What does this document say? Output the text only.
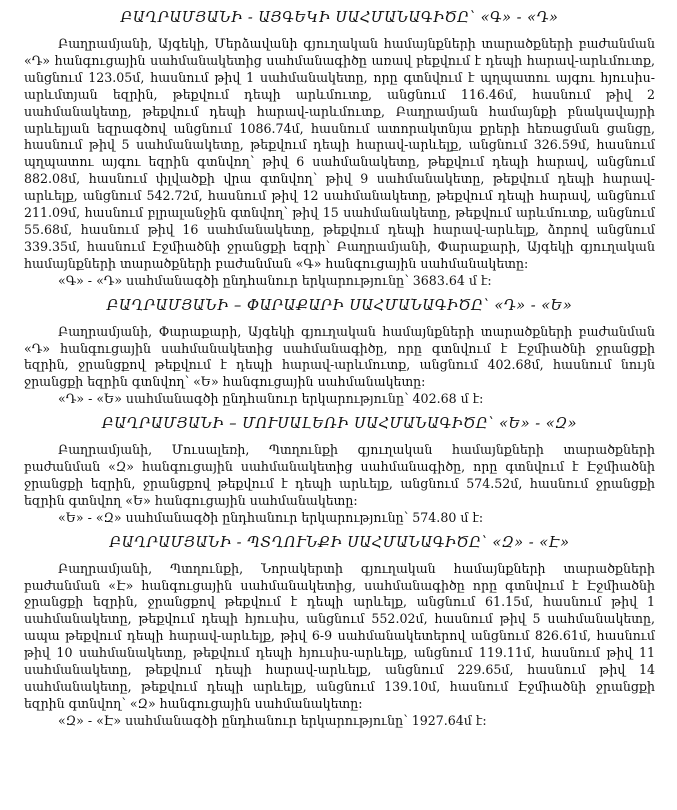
ԲԱՂՐԱՄՅԱՆԻ - ԱՅԳԵԿԻ ՍԱՀՄԱՆԱԳԻԾԸ՝ «Գ» - «Դ»

Բաղրամյանի, Այգեկի, Մերձավանի գյուղական համայնքների տարածքների բաժանման «Դ» հանգուցային սահմանակետից սահմանագիծը առավ բեքվում է դեպի հարավ-արևմուտք, անցնում 123.05մ, հասնում թիվ 1 սահմանակետը, որը գտնվում է պղպատու այգու հյուսիս-արևմտյան եզրին, թեքվում դեպի արևմուտք, անցնում 116.46մ, հասնում թիվ 2 սահմանակետը, թեքվում դեպի հարավ-արևմուտք, Բաղրամյան համայնքի բնակավայրի արևելյան եզրագծով անցնում 1086.74մ, հասնում ատորակտնյա քրերի հեռացման ցանցը, հասնում թիվ 5 սահմանակետը, թեքվում դեպի հարավ-արևելք, անցնում 326.59մ, հասնում պղպատու այգու եզրին գտնվող՝ թիվ 6 սահմանակետը, թեքվում դեպի հարավ, անցնում 882.08մ, հասնում փլվածքի վրա գտնվող՝ թիվ 9 սահմանակետը, թեքվում դեպի հարավ-արևելք, անցնում 542.72մ, հասնում թիվ 12 սահմանակետը, թեքվում դեպի հարավ, անցնում 211.09մ, հասնում բլրալանջին գտնվող՝ թիվ 15 սահմանակետը, թեքվում արևմուտք, անցնում 55.68մ, հասնում թիվ 16 սահմանակետը, թեքվում դեպի հարավ-արևելք, ձորով անցնում 339.35մ, հասնում Էջմիածնի ջրանցքի եզրի՝ Բաղրամյանի, Փարաքարի, Այգեկի գյուղական համայնքների տարածքների բաժանման «Գ» հանգուցային սահմանակետը:

«Գ» - «Դ» սահմանագծի ընդհանուր երկարությունը՝ 3683.64 մ է:

ԲԱՂՐԱՄՅԱՆԻ – ՓԱՐԱՔԱՐԻ ՍԱՀՄԱՆԱԳԻԾԸ՝ «Դ» - «Ե»

Բաղրամյանի, Փարաքարի, Այգեկի գյուղական համայնքների տարածքների բաժանման «Դ» հանգուցային սահմանակետից սահմանագիծը, որը գտնվում է Էջմիածնի ջրանցքի եզրին, ջրանցքով թեքվում է դեպի հարավ-արևմուտք, անցնում 402.68մ, հասնում նույն ջրանցքի եզրին գտնվող՝ «Ե» հանգուցային սահմանակետը:

«Դ» - «Ե» սահմանագծի ընդհանուր երկարությունը՝ 402.68 մ է:

ԲԱՂՐԱՄՅԱՆԻ – ՄՈՒՍԱԼԵՌԻ ՍԱՀՄԱՆԱԳԻԾԸ՝ «Ե» - «Զ»

Բաղրամյանի, Մուսալեռի, Պտղունքի գյուղական համայնքների տարածքների բաժանման «Զ» հանգուցային սահմանակետից սահմանագիծը, որը գտնվում է Էջմիածնի ջրանցքի եզրին, ջրանցքով թեքվում է դեպի արևելք, անցնում 574.52մ, հասնում ջրանցքի եզրին գտնվող «Ե» հանգուցային սահմանակետը:

«Ե» - «Զ» սահմանագծի ընդհանուր երկարությունը՝ 574.80 մ է:

ԲԱՂՐԱՄՅԱՆԻ - ՊՏՂՈՒՆՔԻ ՍԱՀՄԱՆԱԳԻԾԸ՝ «Զ» - «Է»

Բաղրամյանի, Պտղունքի, Նորակերտի գյուղական համայնքների տարածքների բաժանման «Է» հանգուցային սահմանակետից, սահմանագիծը որը գտնվում է Էջմիածնի ջրանցքի եզրին, ջրանցքով թեքվում է դեպի արևելք, անցնում 61.15մ, հասնում թիվ 1 սահմանակետը, թեքվում դեպի հյուսիս, անցնում 552.02մ, հասնում թիվ 5 սահմանակետը, ապա թեքվում դեպի հարավ-արևելք, թիվ 6-9 սահմանակետերով անցնում 826.61մ, հասնում թիվ 10 սահմանակետը, թեքվում դեպի հյուսիս-արևելք, անցնում 119.11մ, հասնում թիվ 11 սահմանակետը, թեքվում դեպի հարավ-արևելք, անցնում 229.65մ, հասնում թիվ 14 սահմանակետը, թեքվում դեպի արևելք, անցնում 139.10մ, հասնում Էջմիածնի ջրանցքի եզրին գտնվող՝ «Զ» հանգուցային սահմանակետը:

«Զ» - «Է» սահմանագծի ընդհանուր երկարությունը՝ 1927.64մ է:
